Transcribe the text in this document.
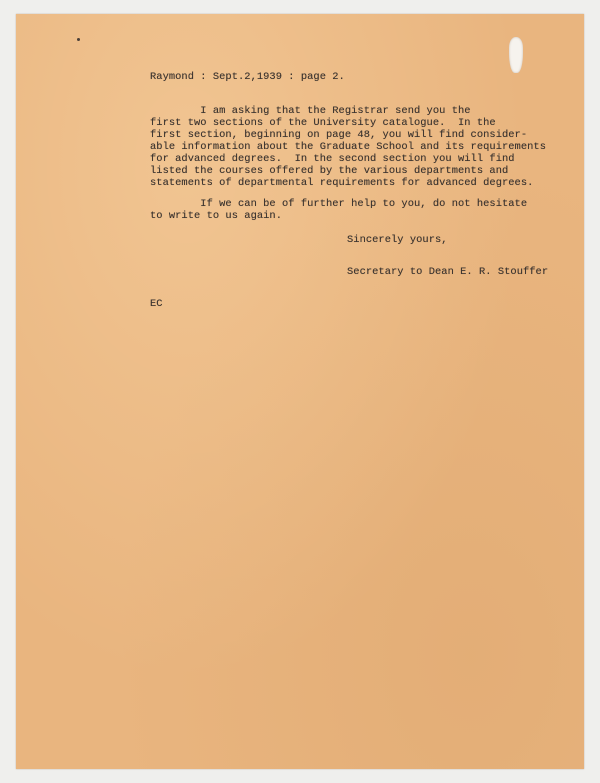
Raymond : Sept.2,1939 : page 2.
I am asking that the Registrar send you the
first two sections of the University catalogue.  In the
first section, beginning on page 48, you will find consider-
able information about the Graduate School and its requirements
for advanced degrees.  In the second section you will find
listed the courses offered by the various departments and
statements of departmental requirements for advanced degrees.
If we can be of further help to you, do not hesitate
to write to us again.
Sincerely yours,
Secretary to Dean E. R. Stouffer
EC
